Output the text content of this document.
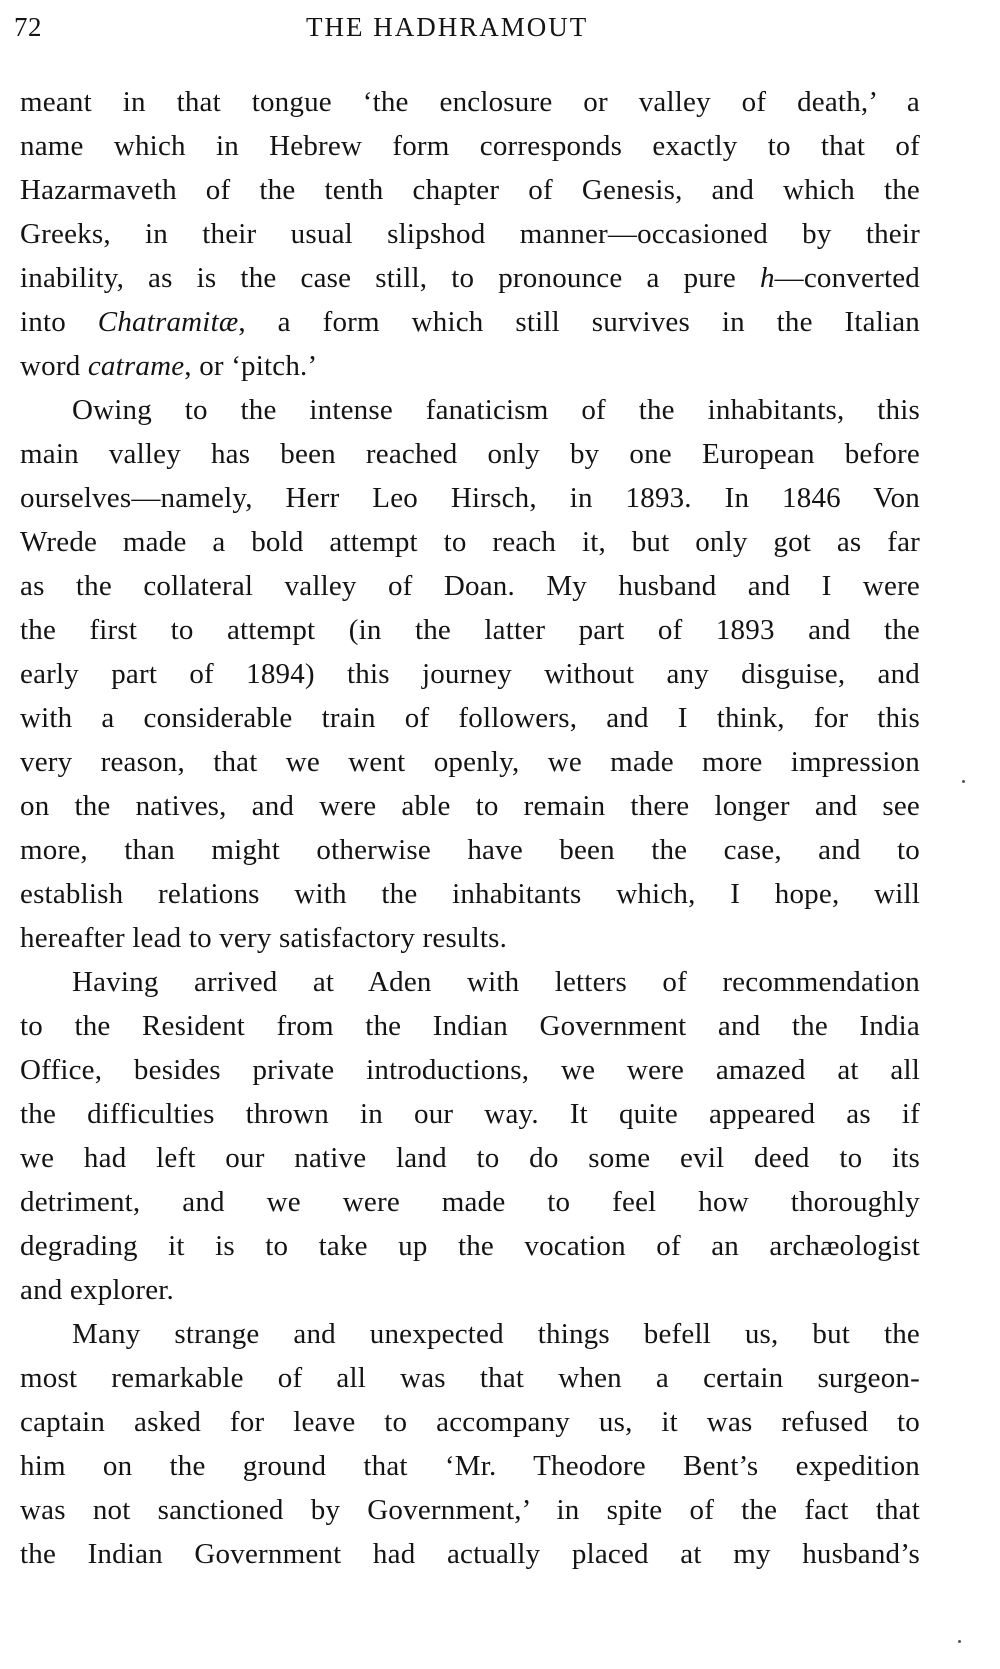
72	THE HADHRAMOUT
meant in that tongue ‘the enclosure or valley of death,’ a
name which in Hebrew form corresponds exactly to that of
Hazarmaveth of the tenth chapter of Genesis, and which the
Greeks, in their usual slipshod manner—occasioned by their
inability, as is the case still, to pronounce a pure h—converted
into Chatramitæ, a form which still survives in the Italian
word catrame, or ‘pitch.’
Owing to the intense fanaticism of the inhabitants, this
main valley has been reached only by one European before
ourselves—namely, Herr Leo Hirsch, in 1893. In 1846 Von
Wrede made a bold attempt to reach it, but only got as far
as the collateral valley of Doan. My husband and I were
the first to attempt (in the latter part of 1893 and the
early part of 1894) this journey without any disguise, and
with a considerable train of followers, and I think, for this
very reason, that we went openly, we made more impression
on the natives, and were able to remain there longer and see
more, than might otherwise have been the case, and to
establish relations with the inhabitants which, I hope, will
hereafter lead to very satisfactory results.
Having arrived at Aden with letters of recommendation
to the Resident from the Indian Government and the India
Office, besides private introductions, we were amazed at all
the difficulties thrown in our way. It quite appeared as if
we had left our native land to do some evil deed to its
detriment, and we were made to feel how thoroughly
degrading it is to take up the vocation of an archæologist
and explorer.
Many strange and unexpected things befell us, but the
most remarkable of all was that when a certain surgeon-
captain asked for leave to accompany us, it was refused to
him on the ground that ‘Mr. Theodore Bent’s expedition
was not sanctioned by Government,’ in spite of the fact that
the Indian Government had actually placed at my husband’s
